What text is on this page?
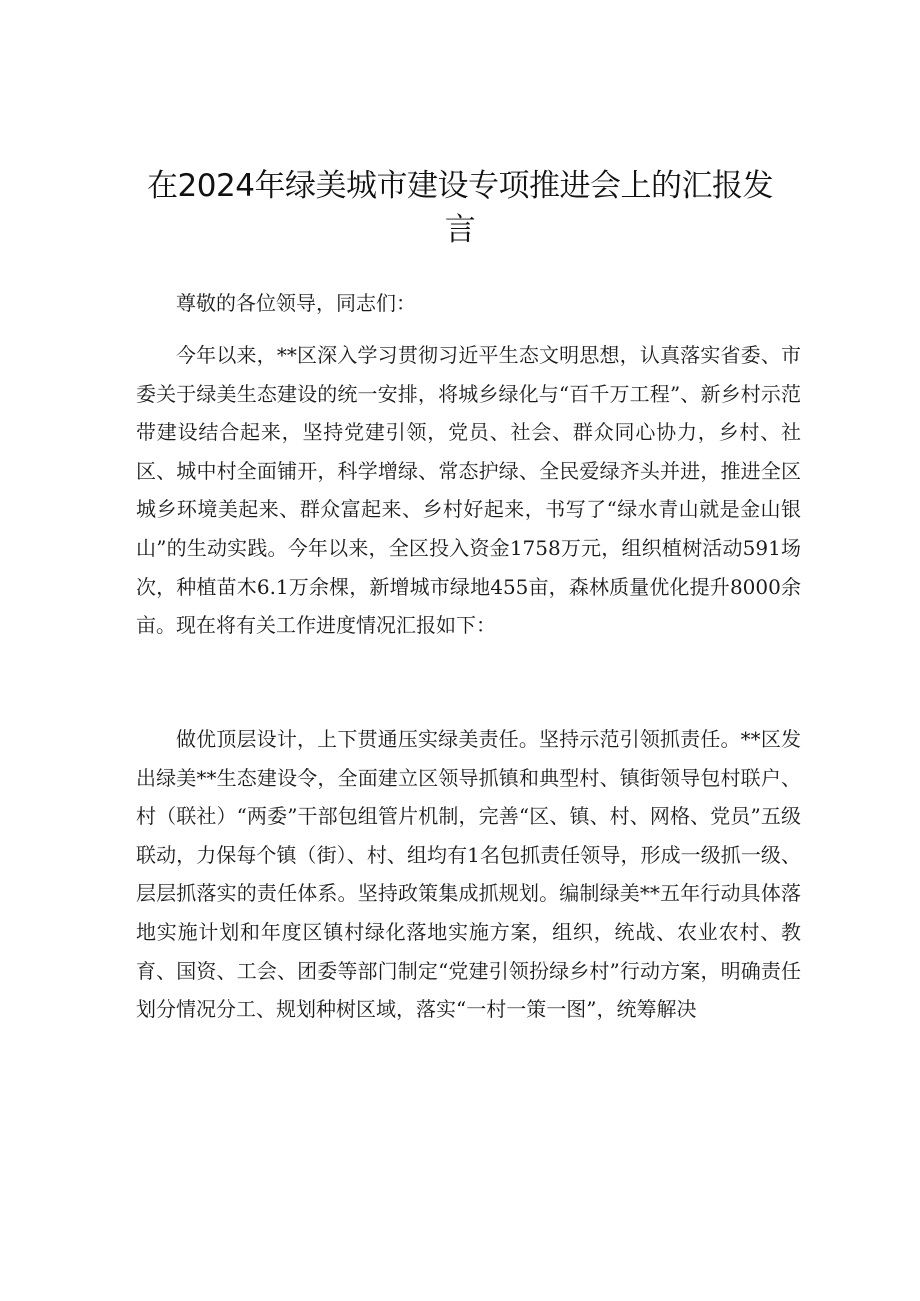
在2024年绿美城市建设专项推进会上的汇报发言

尊敬的各位领导，同志们：

今年以来，**区深入学习贯彻习近平生态文明思想，认真落实省委、市委关于绿美生态建设的统一安排，将城乡绿化与“百千万工程”、新乡村示范带建设结合起来，坚持党建引领，党员、社会、群众同心协力，乡村、社区、城中村全面铺开，科学增绿、常态护绿、全民爱绿齐头并进，推进全区城乡环境美起来、群众富起来、乡村好起来，书写了“绿水青山就是金山银山”的生动实践。今年以来，全区投入资金1758万元，组织植树活动591场次，种植苗木6.1万余棵，新增城市绿地455亩，森林质量优化提升8000余亩。现在将有关工作进度情况汇报如下：

做优顶层设计，上下贯通压实绿美责任。坚持示范引领抓责任。**区发出绿美**生态建设令，全面建立区领导抓镇和典型村、镇街领导包村联户、村（联社）“两委”干部包组管片机制，完善“区、镇、村、网格、党员”五级联动，力保每个镇（街）、村、组均有1名包抓责任领导，形成一级抓一级、层层抓落实的责任体系。坚持政策集成抓规划。编制绿美**五年行动具体落地实施计划和年度区镇村绿化落地实施方案，组织，统战、农业农村、教育、国资、工会、团委等部门制定“党建引领扮绿乡村”行动方案，明确责任划分情况分工、规划种树区域，落实“一村一策一图”，统筹解决
